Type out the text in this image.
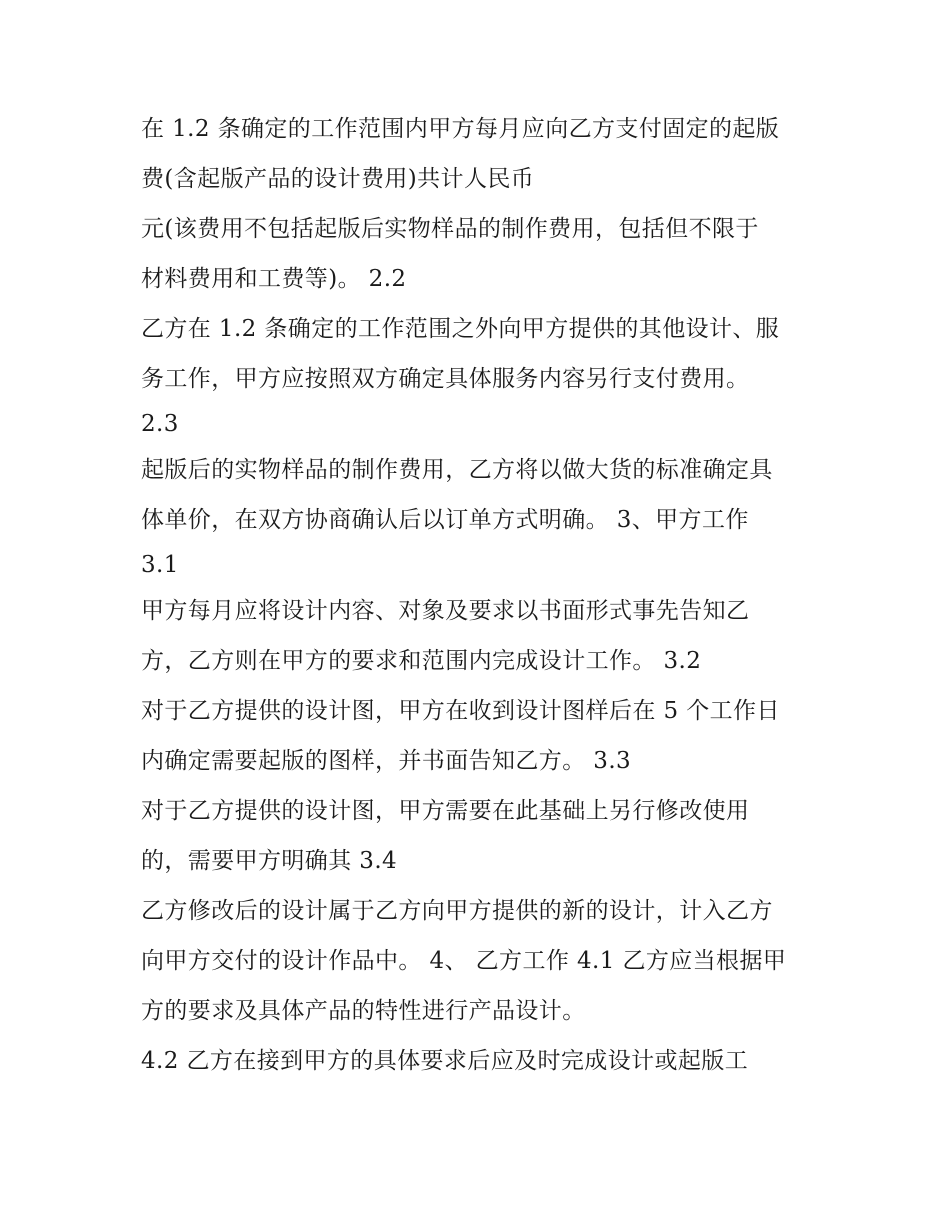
在 1.2 条确定的工作范围内甲方每月应向乙方支付固定的起版
费(含起版产品的设计费用)共计人民币
元(该费用不包括起版后实物样品的制作费用，包括但不限于
材料费用和工费等)。 2.2
乙方在 1.2 条确定的工作范围之外向甲方提供的其他设计、服
务工作，甲方应按照双方确定具体服务内容另行支付费用。
2.3
起版后的实物样品的制作费用，乙方将以做大货的标准确定具
体单价，在双方协商确认后以订单方式明确。 3、甲方工作
3.1
甲方每月应将设计内容、对象及要求以书面形式事先告知乙
方，乙方则在甲方的要求和范围内完成设计工作。 3.2
对于乙方提供的设计图，甲方在收到设计图样后在 5 个工作日
内确定需要起版的图样，并书面告知乙方。 3.3
对于乙方提供的设计图，甲方需要在此基础上另行修改使用
的，需要甲方明确其 3.4
乙方修改后的设计属于乙方向甲方提供的新的设计，计入乙方
向甲方交付的设计作品中。 4、 乙方工作 4.1 乙方应当根据甲
方的要求及具体产品的特性进行产品设计。
4.2 乙方在接到甲方的具体要求后应及时完成设计或起版工
